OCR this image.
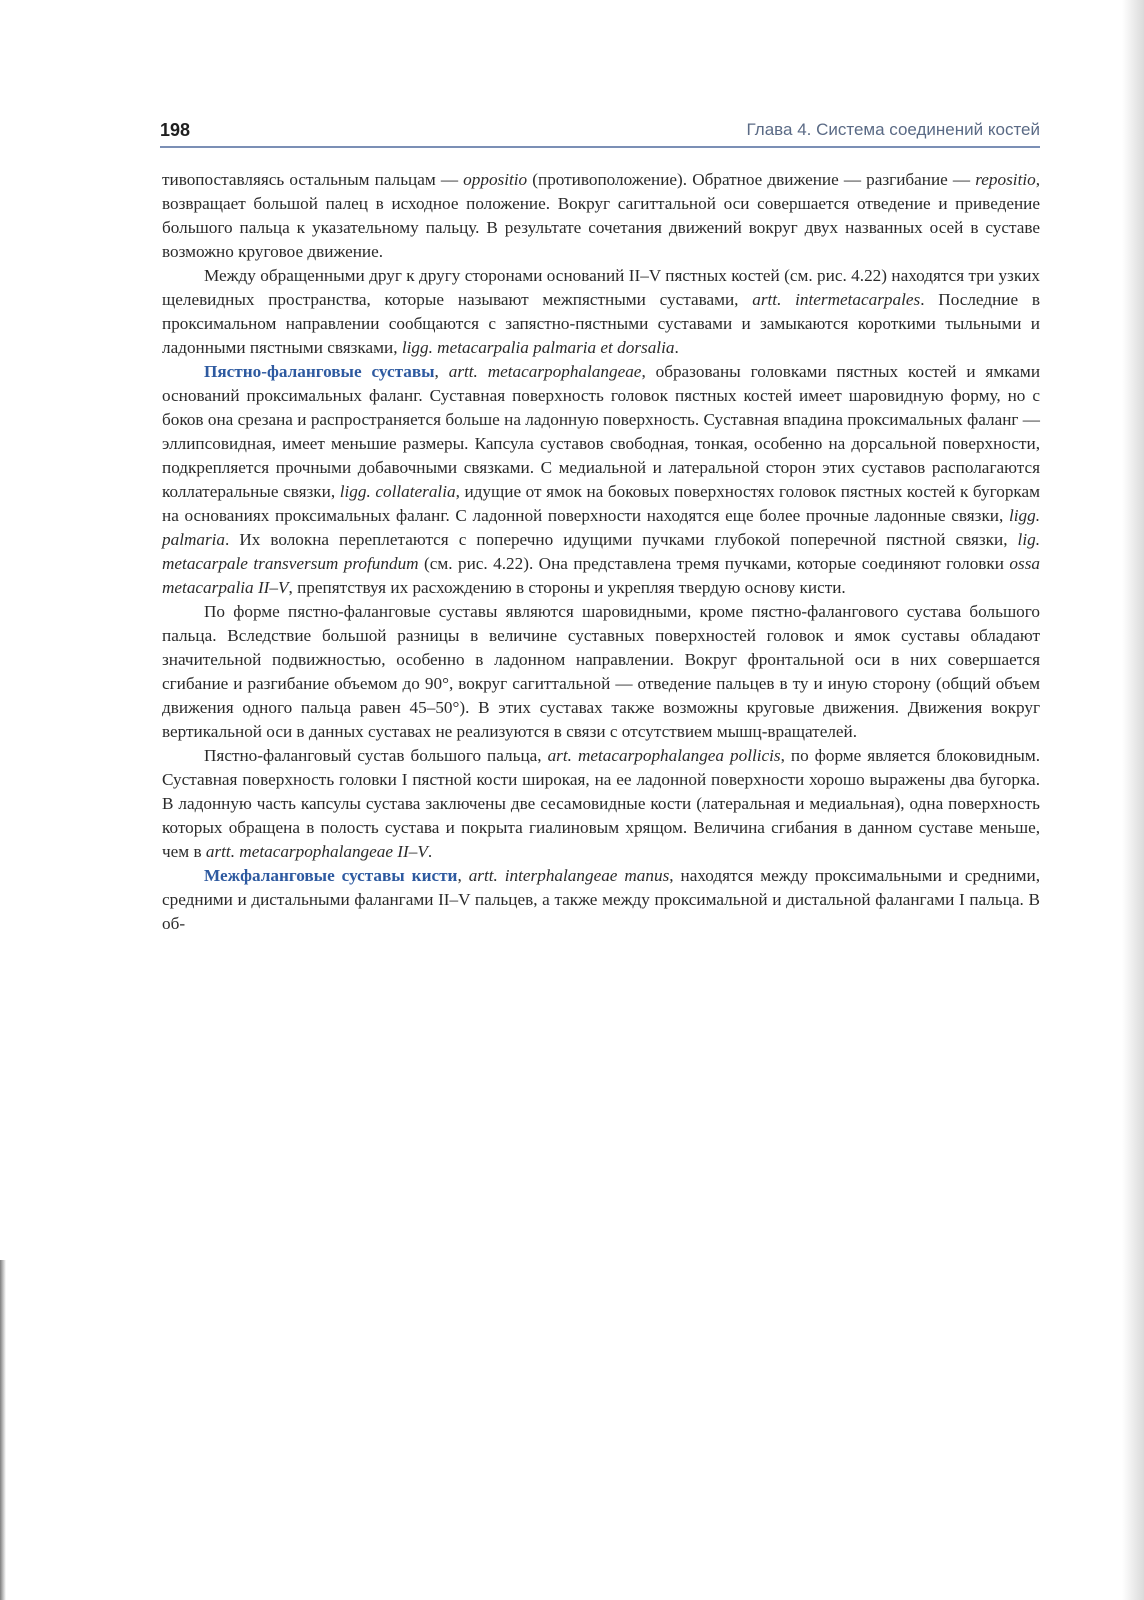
198	Глава 4. Система соединений костей

тивопоставляясь остальным пальцам — oppositio (противоположение). Обратное движение — разгибание — repositio, возвращает большой палец в исходное положение. Вокруг сагиттальной оси совершается отведение и приведение большого пальца к указательному пальцу. В результате сочетания движений вокруг двух названных осей в суставе возможно круговое движение.

Между обращенными друг к другу сторонами оснований II–V пястных костей (см. рис. 4.22) находятся три узких щелевидных пространства, которые называют межпястными суставами, artt. intermetacarpales. Последние в проксимальном направлении сообщаются с запястно-пястными суставами и замыкаются короткими тыльными и ладонными пястными связками, ligg. metacarpalia palmaria et dorsalia.

Пястно-фаланговые суставы, artt. metacarpophalangeae, образованы головками пястных костей и ямками оснований проксимальных фаланг. Суставная поверхность головок пястных костей имеет шаровидную форму, но с боков она срезана и распространяется больше на ладонную поверхность. Суставная впадина проксимальных фаланг — эллипсовидная, имеет меньшие размеры. Капсула суставов свободная, тонкая, особенно на дорсальной поверхности, подкрепляется прочными добавочными связками. С медиальной и латеральной сторон этих суставов располагаются коллатеральные связки, ligg. collateralia, идущие от ямок на боковых поверхностях головок пястных костей к бугоркам на основаниях проксимальных фаланг. С ладонной поверхности находятся еще более прочные ладонные связки, ligg. palmaria. Их волокна переплетаются с поперечно идущими пучками глубокой поперечной пястной связки, lig. metacarpale transversum profundum (см. рис. 4.22). Она представлена тремя пучками, которые соединяют головки ossa metacarpalia II–V, препятствуя их расхождению в стороны и укрепляя твердую основу кисти.

По форме пястно-фаланговые суставы являются шаровидными, кроме пястно-фалангового сустава большого пальца. Вследствие большой разницы в величине суставных поверхностей головок и ямок суставы обладают значительной подвижностью, особенно в ладонном направлении. Вокруг фронтальной оси в них совершается сгибание и разгибание объемом до 90°, вокруг сагиттальной — отведение пальцев в ту и иную сторону (общий объем движения одного пальца равен 45–50°). В этих суставах также возможны круговые движения. Движения вокруг вертикальной оси в данных суставах не реализуются в связи с отсутствием мышц-вращателей.

Пястно-фаланговый сустав большого пальца, art. metacarpophalangea pollicis, по форме является блоковидным. Суставная поверхность головки I пястной кости широкая, на ее ладонной поверхности хорошо выражены два бугорка. В ладонную часть капсулы сустава заключены две сесамовидные кости (латеральная и медиальная), одна поверхность которых обращена в полость сустава и покрыта гиалиновым хрящом. Величина сгибания в данном суставе меньше, чем в artt. metacarpophalangeae II–V.

Межфаланговые суставы кисти, artt. interphalangeae manus, находятся между проксимальными и средними, средними и дистальными фалангами II–V пальцев, а также между проксимальной и дистальной фалангами I пальца. В об-
